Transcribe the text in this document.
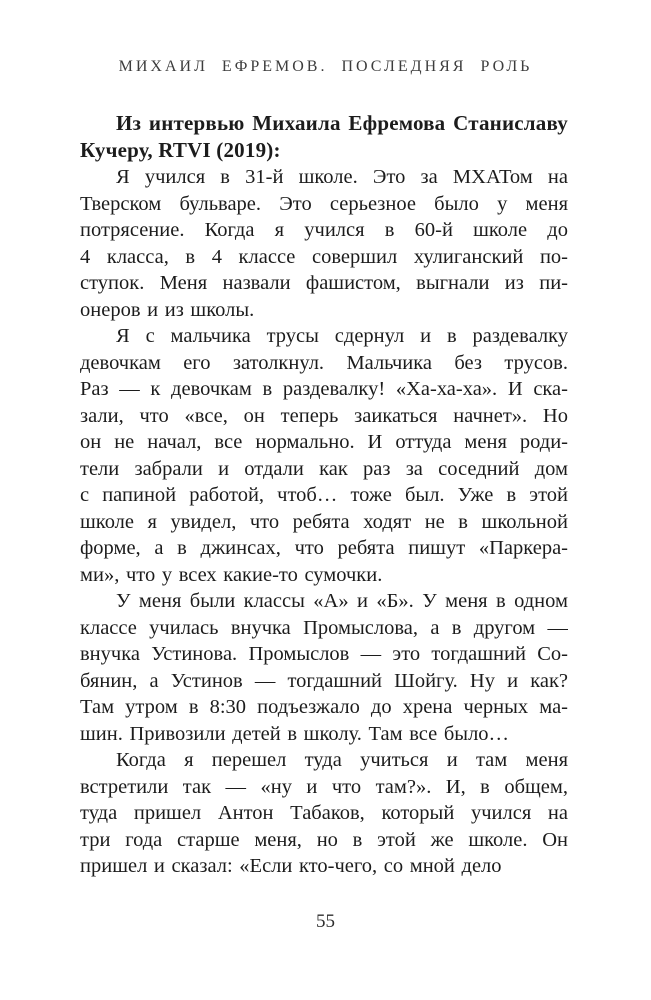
МИХАИЛ ЕФРЕМОВ. ПОСЛЕДНЯЯ РОЛЬ
Из интервью Михаила Ефремова Станиславу
Кучеру, RTVI (2019):
Я учился в 31-й школе. Это за МХАТом на
Тверском бульваре. Это серьезное было у меня
потрясение. Когда я учился в 60-й школе до
4 класса, в 4 классе совершил хулиганский по-
ступок. Меня назвали фашистом, выгнали из пи-
онеров и из школы.
Я с мальчика трусы сдернул и в раздевалку
девочкам его затолкнул. Мальчика без трусов.
Раз — к девочкам в раздевалку! «Ха-ха-ха». И ска-
зали, что «все, он теперь заикаться начнет». Но
он не начал, все нормально. И оттуда меня роди-
тели забрали и отдали как раз за соседний дом
с папиной работой, чтоб… тоже был. Уже в этой
школе я увидел, что ребята ходят не в школьной
форме, а в джинсах, что ребята пишут «Паркера-
ми», что у всех какие-то сумочки.
У меня были классы «А» и «Б». У меня в одном
классе училась внучка Промыслова, а в другом —
внучка Устинова. Промыслов — это тогдашний Со-
бянин, а Устинов — тогдашний Шойгу. Ну и как?
Там утром в 8:30 подъезжало до хрена черных ма-
шин. Привозили детей в школу. Там все было…
Когда я перешел туда учиться и там меня
встретили так — «ну и что там?». И, в общем,
туда пришел Антон Табаков, который учился на
три года старше меня, но в этой же школе. Он
пришел и сказал: «Если кто-чего, со мной дело
55
